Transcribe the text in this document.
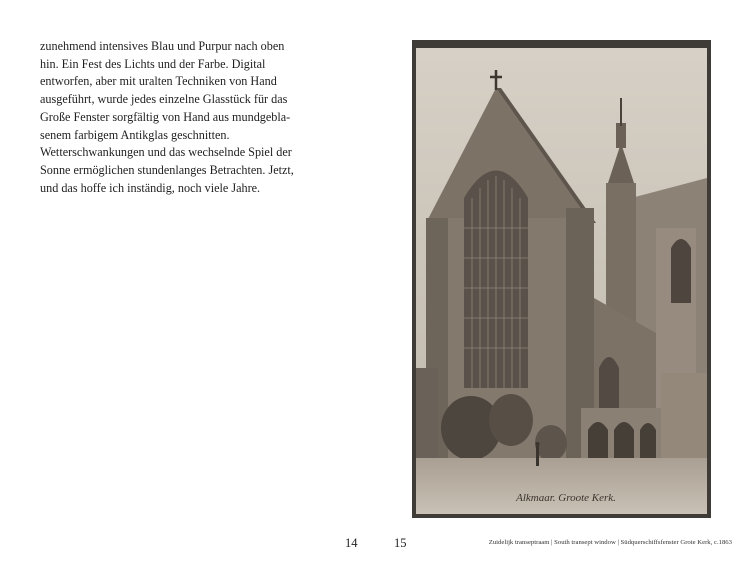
zunehmend intensives Blau und Purpur nach oben
hin. Ein Fest des Lichts und der Farbe. Digital
entworfen, aber mit uralten Techniken von Hand
ausgeführt, wurde jedes einzelne Glasstück für das
Große Fenster sorgfältig von Hand aus mundgebla-
senem farbigem Antikglas geschnitten.
Wetterschwankungen und das wechselnde Spiel der
Sonne ermöglichen stundenlanges Betrachten. Jetzt,
und das hoffe ich inständig, noch viele Jahre.

14
Alkmaar. Groote Kerk.
15	Zuidelijk transeptraam | South transept window | Südquerschiffsfenster Grote Kerk, c.1863
